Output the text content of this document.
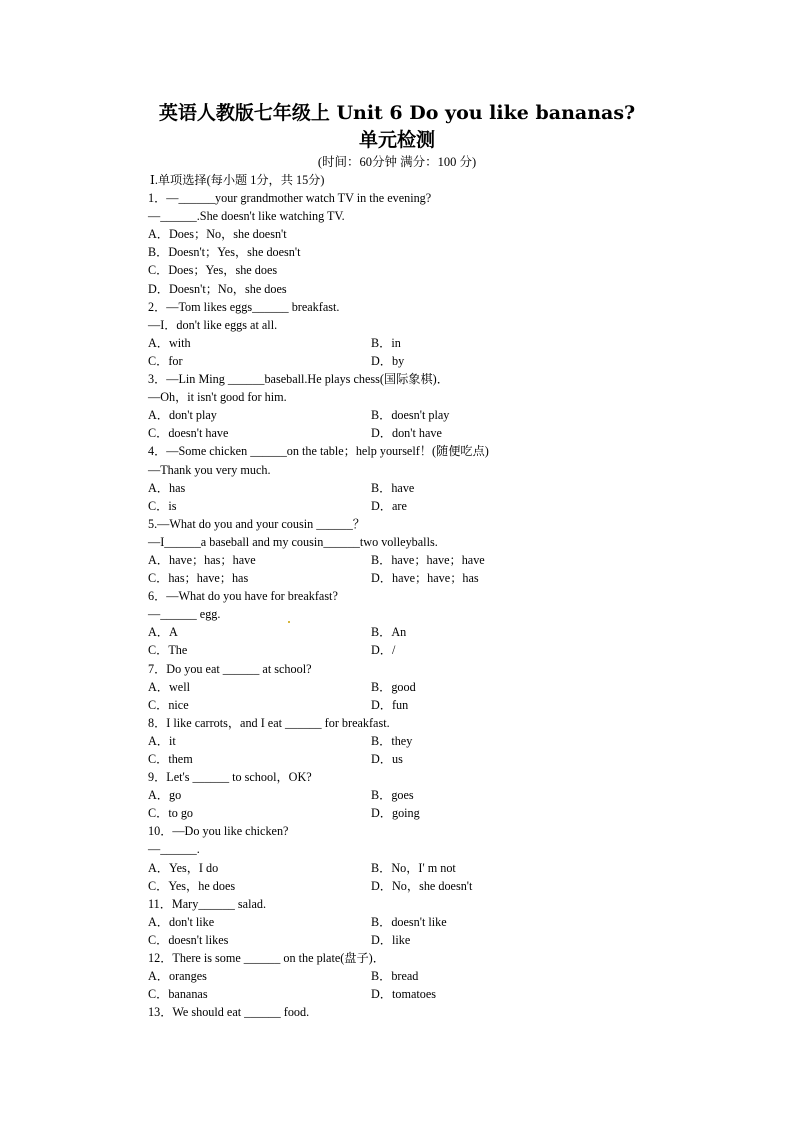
英语人教版七年级上 Unit 6 Do you like bananas?
单元检测
(时间：60分钟 满分：100 分)
Ⅰ.单项选择(每小题 1分，共 15分)
1．—______your grandmother watch TV in the evening?
—______.She doesn't like watching TV.
A．Does；No，she doesn't
B．Doesn't；Yes，she doesn't
C．Does；Yes，she does
D．Doesn't；No，she does
2．—Tom likes eggs______ breakfast.
—I．don't like eggs at all.
A．with	B．in
C．for	D．by
3．—Lin Ming ______baseball.He plays chess(国际象棋)．
—Oh，it isn't good for him.
A．don't play	B．doesn't play
C．doesn't have	D．don't have
4．—Some chicken ______on the table；help yourself！(随便吃点)
—Thank you very much.
A．has	B．have
C．is	D．are
5.—What do you and your cousin ______？
—I______a baseball and my cousin______two volleyballs.
A．have；has；have	B．have；have；have
C．has；have；has	D．have；have；has
6．—What do you have for breakfast?
—______ egg.
A．A	B．An
C．The	D．/
7．Do you eat ______ at school?
A．well	B．good
C．nice	D．fun
8．I like carrots，and I eat ______ for breakfast.
A．it	B．they
C．them	D．us
9．Let's ______ to school，OK?
A．go	B．goes
C．to go	D．going
10．—Do you like chicken?
—______.
A．Yes，I do	B．No，I' m not
C．Yes，he does	D．No，she doesn't
11．Mary______ salad.
A．don't like	B．doesn't like
C．doesn't likes	D．like
12．There is some ______ on the plate(盘子)．
A．oranges	B．bread
C．bananas	D．tomatoes
13．We should eat ______ food.
